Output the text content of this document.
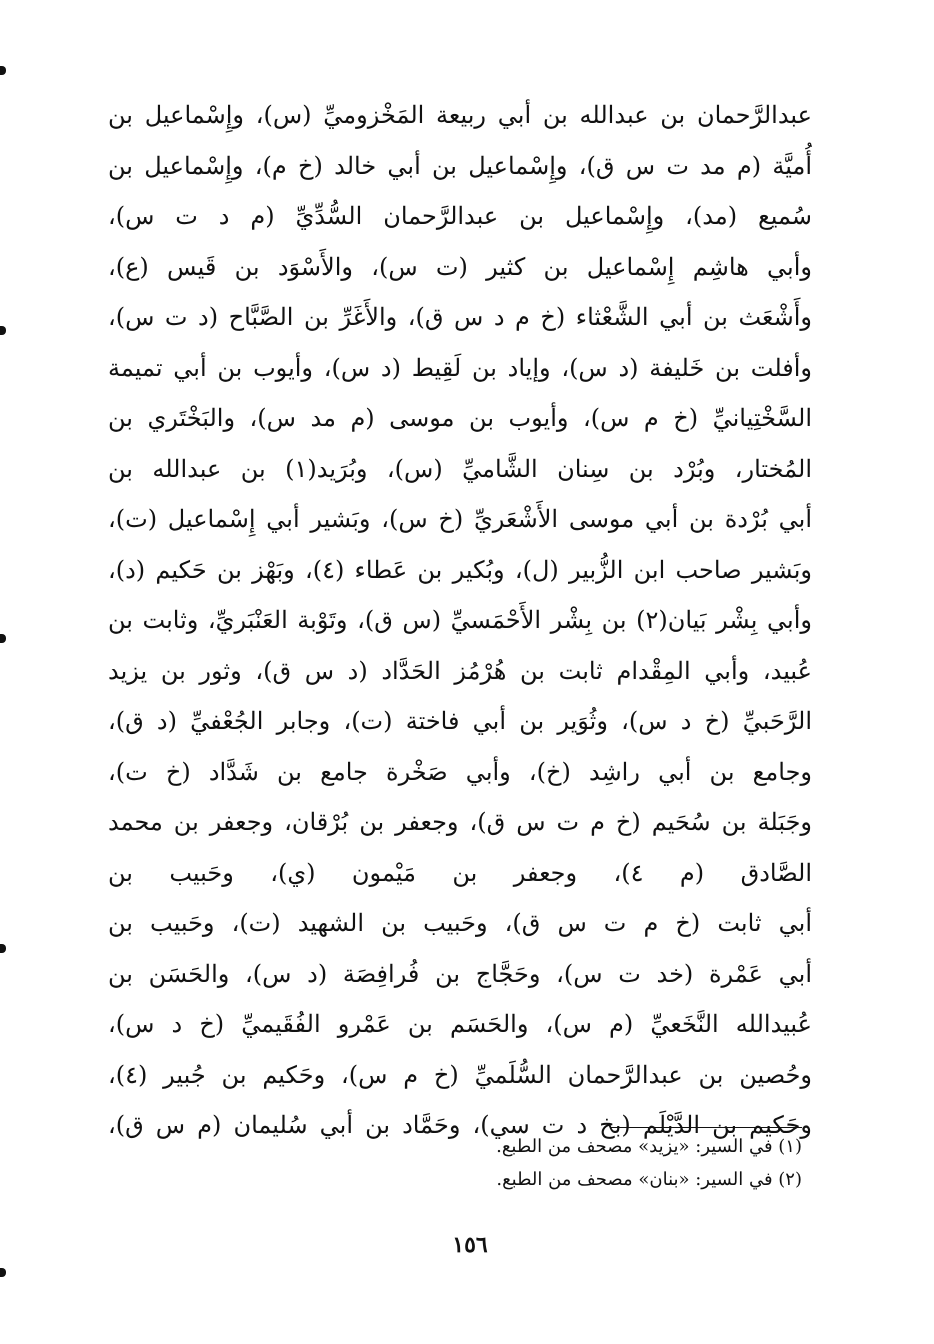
عبدالرَّحمان بن عبدالله بن أبي ربيعة المَخْزوميِّ (س)، وإِسْماعيل بن
أُميَّة (م مد ت س ق)، وإِسْماعيل بن أبي خالد (خ م)، وإِسْماعيل بن
سُميع (مد)، وإِسْماعيل بن عبدالرَّحمان السُّدِّيِّ (م د ت س)،
وأبي هاشِم إِسْماعيل بن كثير (ت س)، والأَسْوَد بن قَيس (ع)،
وأَشْعَث بن أبي الشَّعْثاء (خ م د س ق)، والأَغَرِّ بن الصَّبَّاح (د ت س)،
وأفلت بن خَليفة (د س)، وإياد بن لَقِيط (د س)، وأيوب بن أبي تميمة
السَّخْتِيانيِّ (خ م س)، وأيوب بن موسى (م مد س)، والبَخْتَري بن
المُختار، وبُرْد بن سِنان الشَّاميِّ (س)، وبُرَيد(١) بن عبدالله بن
أبي بُرْدة بن أبي موسى الأَشْعَريِّ (خ س)، وبَشير أبي إِسْماعيل (ت)،
وبَشير صاحب ابن الزُّبير (ل)، وبُكير بن عَطاء (٤)، وبَهْز بن حَكيم (د)،
وأبي بِشْر بَيان(٢) بن بِشْر الأَحْمَسيِّ (س ق)، وتَوْبة العَنْبَريِّ، وثابت بن
عُبيد، وأبي المِقْدام ثابت بن هُرْمُز الحَدَّاد (د س ق)، وثور بن يزيد
الرَّحَبيِّ (خ د س)، وثُوَير بن أبي فاختة (ت)، وجابر الجُعْفيِّ (د ق)،
وجامع بن أبي راشِد (خ)، وأبي صَخْرة جامع بن شَدَّاد (خ ت)،
وجَبَلة بن سُحَيم (خ م ت س ق)، وجعفر بن بُرْقان، وجعفر بن محمد
الصَّادق (م ٤)، وجعفر بن مَيْمون (ي)، وحَبيب بن
أبي ثابت (خ م ت س ق)، وحَبيب بن الشهيد (ت)، وحَبيب بن
أبي عَمْرة (خد ت س)، وحَجَّاج بن فُرافِصَة (د س)، والحَسَن بن
عُبيدالله النَّخَعيِّ (م س)، والحَسَم بن عَمْرو الفُقَيميِّ (خ د س)،
وحُصين بن عبدالرَّحمان السُّلَميِّ (خ م س)، وحَكيم بن جُبير (٤)،
وحَكيم بن الدَّيْلَم (بخ د ت سي)، وحَمَّاد بن أبي سُليمان (م س ق)،
(١) في السير: «يزيد» مصحف من الطبع.
(٢) في السير: «بنان» مصحف من الطبع.
١٥٦
